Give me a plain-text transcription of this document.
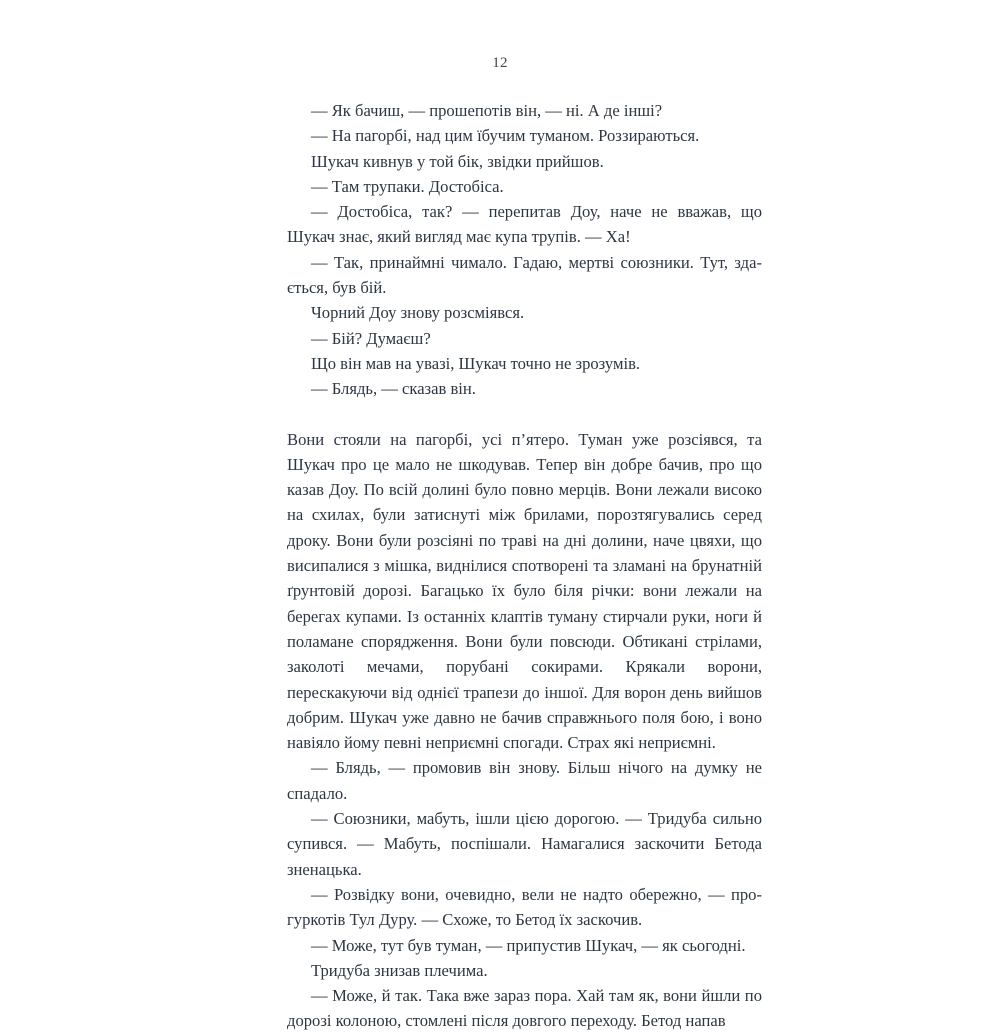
12

— Як бачиш, — прошепотів він, — ні. А де інші?

— На пагорбі, над цим їбучим туманом. Роззираються.

Шукач кивнув у той бік, звідки прийшов.

— Там трупаки. Достобіса.

— Достобіса, так? — перепитав Доу, наче не вважав, що Шукач знає, який вигляд має купа трупів. — Ха!

— Так, принаймні чимало. Гадаю, мертві союзники. Тут, здається, був бій.

Чорний Доу знову розсміявся.

— Бій? Думаєш?

Що він мав на увазі, Шукач точно не зрозумів.

— Блядь, — сказав він.

Вони стояли на пагорбі, усі п’ятеро. Туман уже розсіявся, та Шукач про це мало не шкодував. Тепер він добре бачив, про що казав Доу. По всій долині було повно мерців. Вони лежали високо на схилах, були затиснуті між брилами, порозтягувались серед дроку. Вони були розсіяні по траві на дні долини, наче цвяхи, що висипалися з мішка, виднілися спотворені та зламані на брунатній ґрунтовій дорозі. Багацько їх було біля річки: вони лежали на берегах купами. Із останніх клаптів туману стирчали руки, ноги й поламане спорядження. Вони були повсюди. Обтикані стрілами, заколоті мечами, порубані сокирами. Крякали ворони, перескакуючи від однієї трапези до іншої. Для ворон день вийшов добрим. Шукач уже давно не бачив справжнього поля бою, і воно навіяло йому певні неприємні спогади. Страх які неприємні.

— Блядь, — промовив він знову. Більш нічого на думку не спадало.

— Союзники, мабуть, ішли цією дорогою. — Тридуба сильно супився. — Мабуть, поспішали. Намагалися заскочити Бетода зненацька.

— Розвідку вони, очевидно, вели не надто обережно, — прогуркотів Тул Дуру. — Схоже, то Бетод їх заскочив.

— Може, тут був туман, — припустив Шукач, — як сьогодні.

Тридуба знизав плечима.

— Може, й так. Така вже зараз пора. Хай там як, вони йшли по дорозі колоною, стомлені після довгого переходу. Бетод напав
